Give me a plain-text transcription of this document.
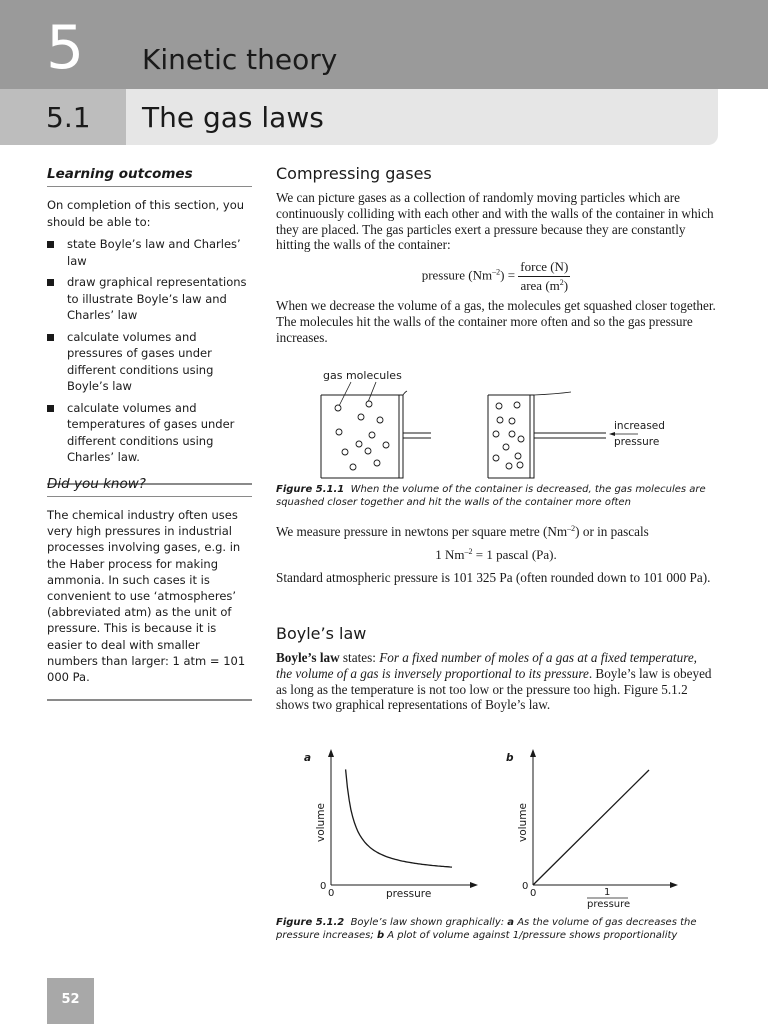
5 Kinetic theory
5.1 The gas laws
Learning outcomes

On completion of this section, you should be able to:

state Boyle’s law and Charles’ law
draw graphical representations to illustrate Boyle’s law and Charles’ law
calculate volumes and pressures of gases under different conditions using Boyle’s law
calculate volumes and temperatures of gases under different conditions using Charles’ law.
Did you know?

The chemical industry often uses very high pressures in industrial processes involving gases, e.g. in the Haber process for making ammonia. In such cases it is convenient to use ‘atmospheres’ (abbreviated atm) as the unit of pressure. This is because it is easier to deal with smaller numbers than larger: 1 atm = 101 000 Pa.

Compressing gases

We can picture gases as a collection of randomly moving particles which are continuously colliding with each other and with the walls of the container in which they are placed. The gas particles exert a pressure because they are constantly hitting the walls of the container:

pressure $(Nm^{-2}) = \frac{\text{force (N)}}{area (m^2)}$

When we decrease the volume of a gas, the molecules get squashed closer together. The molecules hit the walls of the container more often and so the gas pressure increases.

gas molecules
increased
pressure
Figure 5.1.1 When the volume of the container is decreased, the gas molecules are squashed closer together and hit the walls of the container more often

We measure pressure in newtons per square metre $(Nm^{-2})$ or in pascals

1 $Nm^{-2} = 1$ pascal (Pa).

Standard atmospheric pressure is 101 325 Pa (often rounded down to 101 000 Pa).

Boyle’s law

Boyle’s law states: For a fixed number of moles of a gas at a fixed temperature, the volume of a gas is inversely proportional to its pressure. Boyle’s law is obeyed as long as the temperature is not too low or the pressure too high. Figure 5.1.2 shows two graphical representations of Boyle’s law.

a
0
0	pressure
volume
b
0
0	1
pressure
volume
Figure 5.1.2 Boyle’s law shown graphically: a As the volume of gas decreases the pressure increases; b A plot of volume against 1/pressure shows proportionality
52
